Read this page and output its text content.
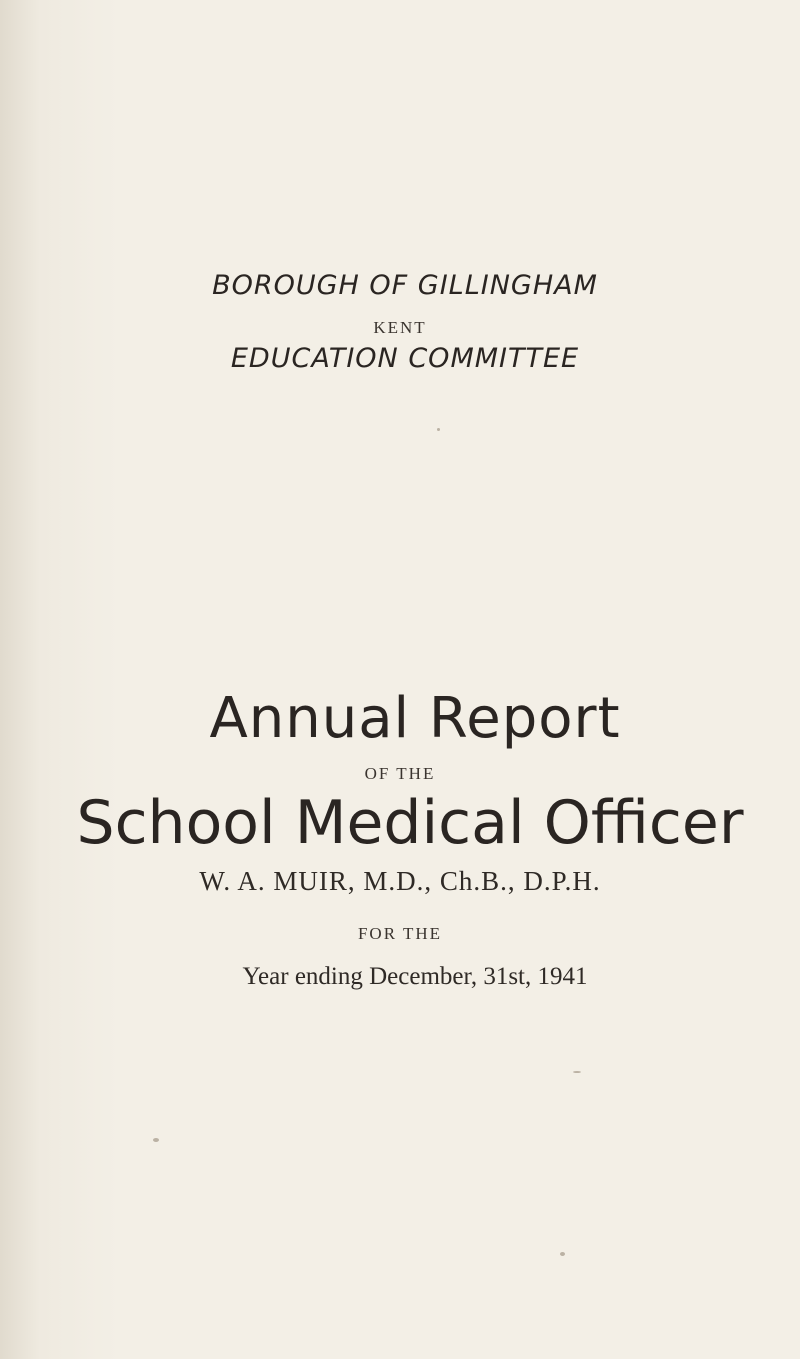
BOROUGH OF GILLINGHAM
KENT
EDUCATION COMMITTEE
Annual Report
OF THE
School Medical Officer
W. A. MUIR, M.D., Ch.B., D.P.H.
FOR THE
Year ending December, 31st, 1941
